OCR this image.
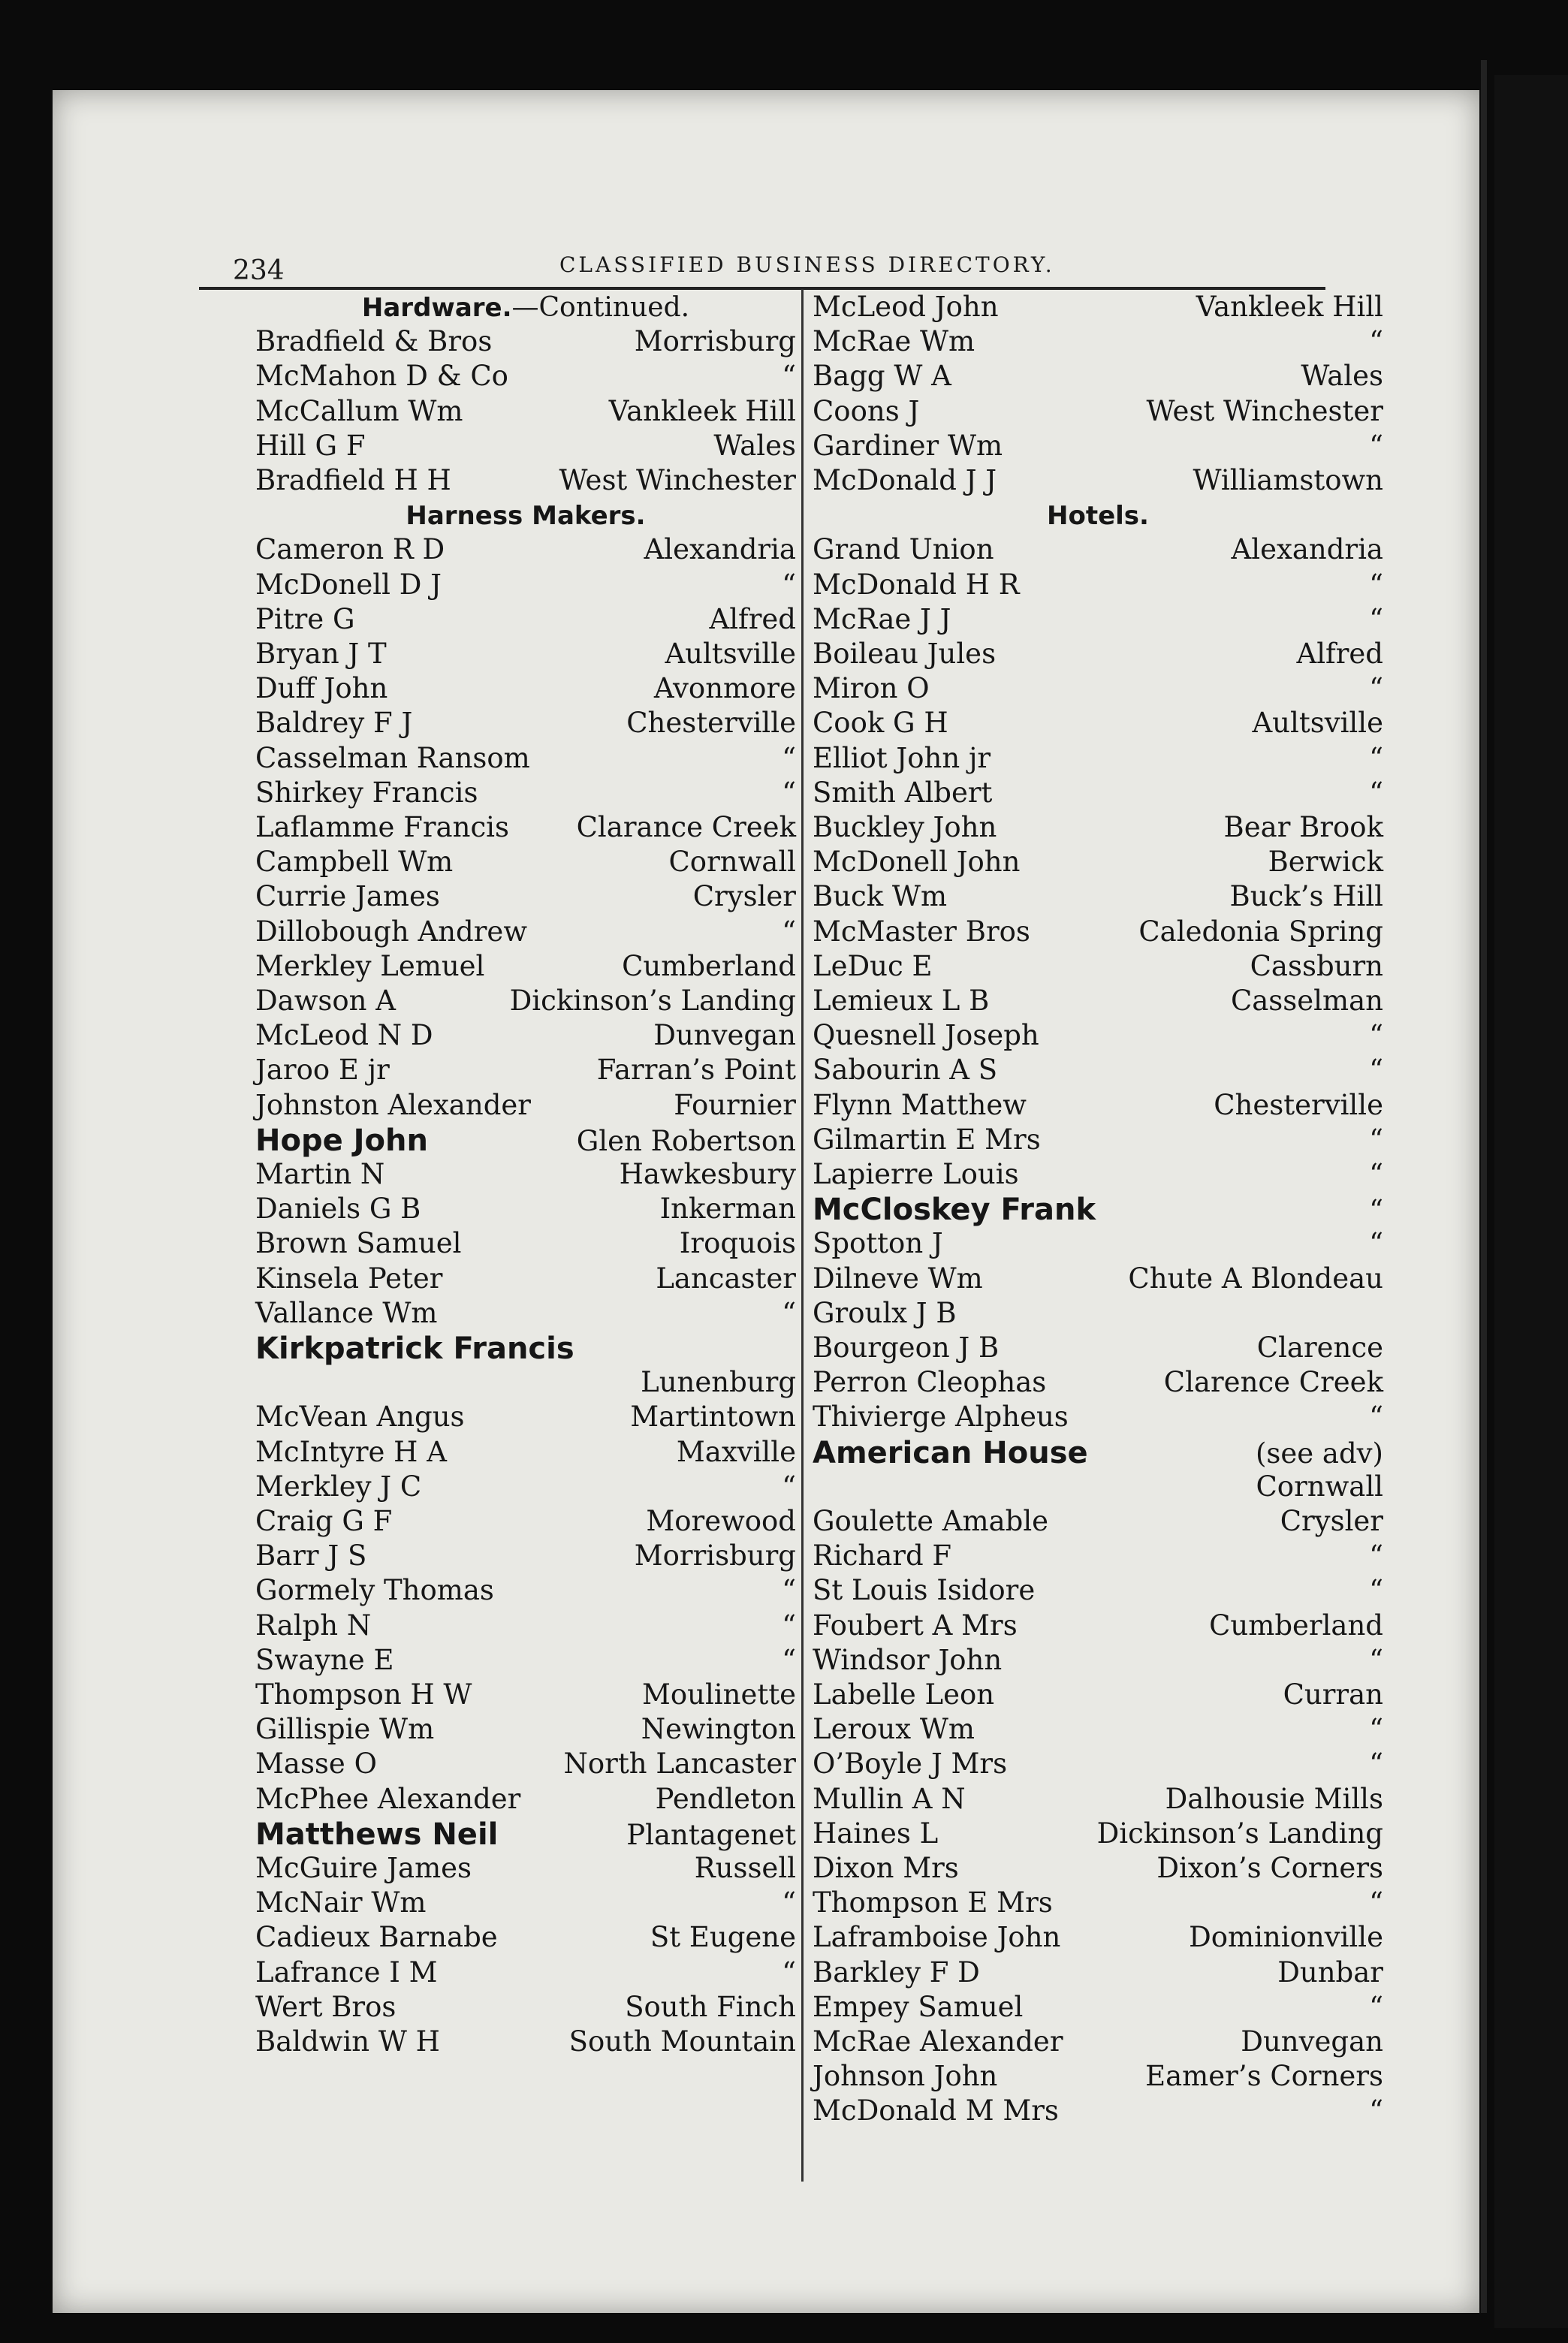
234	CLASSIFIED BUSINESS DIRECTORY.
Hardware.—Continued.
Bradfield & Bros	Morrisburg
McMahon D & Co	“
McCallum Wm	Vankleek Hill
Hill G F	Wales
Bradfield H H	West Winchester
Harness Makers.
Cameron R D	Alexandria
McDonell D J	“
Pitre G	Alfred
Bryan J T	Aultsville
Duff John	Avonmore
Baldrey F J	Chesterville
Casselman Ransom	“
Shirkey Francis	“
Laflamme Francis Clarance Creek
Campbell Wm	Cornwall
Currie James	Crysler
Dillobough Andrew	“
Merkley Lemuel	Cumberland
Dawson A	Dickinson’s Landing
McLeod N D	Dunvegan
Jaroo E jr	Farran’s Point
Johnston Alexander	Fournier
Hope John	Glen Robertson
Martin N	Hawkesbury
Daniels G B	Inkerman
Brown Samuel	Iroquois
Kinsela Peter	Lancaster
Vallance Wm	“
Kirkpatrick Francis
Lunenburg
McVean Angus	Martintown
McIntyre H A	Maxville
Merkley J C	“
Craig G F	Morewood
Barr J S	Morrisburg
Gormely Thomas	“
Ralph N	“
Swayne E	“
Thompson H W	Moulinette
Gillispie Wm	Newington
Masse O	North Lancaster
McPhee Alexander	Pendleton
Matthews Neil	Plantagenet
McGuire James	Russell
McNair Wm	“
Cadieux Barnabe	St Eugene
Lafrance I M	“
Wert Bros	South Finch
Baldwin W H	South Mountain
McLeod John	Vankleek Hill
McRae Wm	“
Bagg W A	Wales
Coons J	West Winchester
Gardiner Wm	“
McDonald J J	Williamstown
Hotels.
Grand Union	Alexandria
McDonald H R	“
McRae J J	“
Boileau Jules	Alfred
Miron O	“
Cook G H	Aultsville
Elliot John jr	“
Smith Albert	“
Buckley John	Bear Brook
McDonell John	Berwick
Buck Wm	Buck’s Hill
McMaster Bros	Caledonia Spring
LeDuc E	Cassburn
Lemieux L B	Casselman
Quesnell Joseph	“
Sabourin A S	“
Flynn Matthew	Chesterville
Gilmartin E Mrs	“
Lapierre Louis	“
McCloskey Frank	“
Spotton J	“
Dilneve Wm	Chute A Blondeau
Groulx J B
Bourgeon J B	Clarence
Perron Cleophas	Clarence Creek
Thivierge Alpheus	“
American House	(see adv)
Cornwall
Goulette Amable	Crysler
Richard F	“
St Louis Isidore	“
Foubert A Mrs	Cumberland
Windsor John	“
Labelle Leon	Curran
Leroux Wm	“
O’Boyle J Mrs	“
Mullin A N	Dalhousie Mills
Haines L	Dickinson’s Landing
Dixon Mrs	Dixon’s Corners
Thompson E Mrs	“
Laframboise John	Dominionville
Barkley F D	Dunbar
Empey Samuel	“
McRae Alexander	Dunvegan
Johnson John	Eamer’s Corners
McDonald M Mrs	“
